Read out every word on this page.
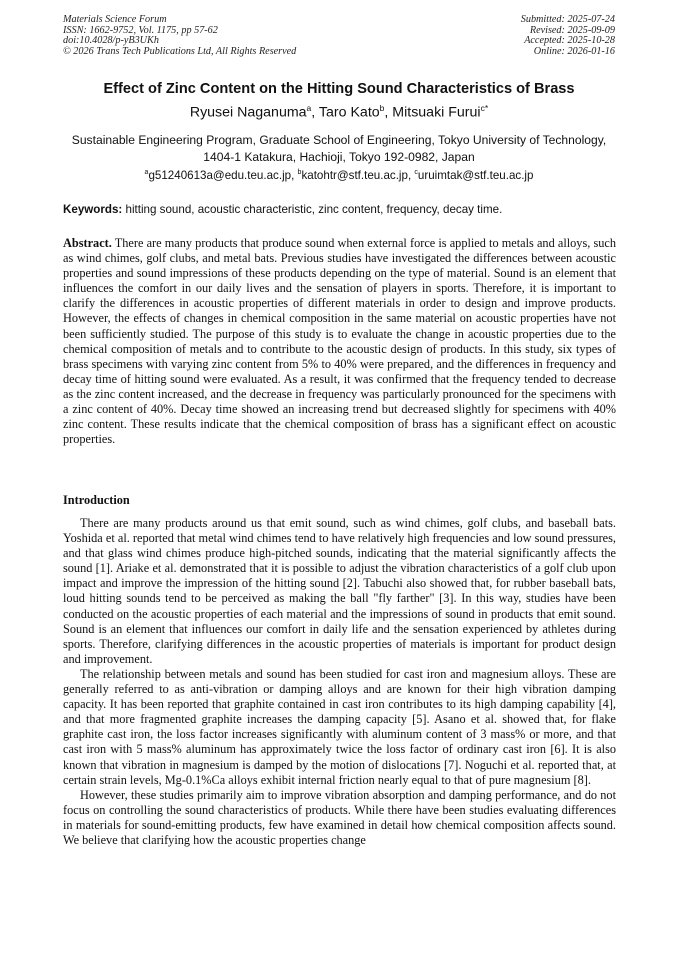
Materials Science Forum
ISSN: 1662-9752, Vol. 1175, pp 57-62
doi:10.4028/p-yB3UKh
© 2026 Trans Tech Publications Ltd, All Rights Reserved
Submitted: 2025-07-24
Revised: 2025-09-09
Accepted: 2025-10-28
Online: 2026-01-16
Effect of Zinc Content on the Hitting Sound Characteristics of Brass
Ryusei Naganuma$^a$, Taro Kato$^b$, Mitsuaki Furui$^{c*}$
Sustainable Engineering Program, Graduate School of Engineering, Tokyo University of Technology,
1404-1 Katakura, Hachioji, Tokyo 192-0982, Japan
$^a$g51240613a@edu.teu.ac.jp, $^b$katohtr@stf.teu.ac.jp, $^c$uruimtak@stf.teu.ac.jp
Keywords: hitting sound, acoustic characteristic, zinc content, frequency, decay time.
Abstract. There are many products that produce sound when external force is applied to metals and alloys, such as wind chimes, golf clubs, and metal bats. Previous studies have investigated the differences between acoustic properties and sound impressions of these products depending on the type of material. Sound is an element that influences the comfort in our daily lives and the sensation of players in sports. Therefore, it is important to clarify the differences in acoustic properties of different materials in order to design and improve products. However, the effects of changes in chemical composition in the same material on acoustic properties have not been sufficiently studied. The purpose of this study is to evaluate the change in acoustic properties due to the chemical composition of metals and to contribute to the acoustic design of products. In this study, six types of brass specimens with varying zinc content from 5% to 40% were prepared, and the differences in frequency and decay time of hitting sound were evaluated. As a result, it was confirmed that the frequency tended to decrease as the zinc content increased, and the decrease in frequency was particularly pronounced for the specimens with a zinc content of 40%. Decay time showed an increasing trend but decreased slightly for specimens with 40% zinc content. These results indicate that the chemical composition of brass has a significant effect on acoustic properties.
Introduction

There are many products around us that emit sound, such as wind chimes, golf clubs, and baseball bats. Yoshida et al. reported that metal wind chimes tend to have relatively high frequencies and low sound pressures, and that glass wind chimes produce high-pitched sounds, indicating that the material significantly affects the sound [1]. Ariake et al. demonstrated that it is possible to adjust the vibration characteristics of a golf club upon impact and improve the impression of the hitting sound [2]. Tabuchi also showed that, for rubber baseball bats, loud hitting sounds tend to be perceived as making the ball "fly farther" [3]. In this way, studies have been conducted on the acoustic properties of each material and the impressions of sound in products that emit sound. Sound is an element that influences our comfort in daily life and the sensation experienced by athletes during sports. Therefore, clarifying differences in the acoustic properties of materials is important for product design and improvement.

The relationship between metals and sound has been studied for cast iron and magnesium alloys. These are generally referred to as anti-vibration or damping alloys and are known for their high vibration damping capacity. It has been reported that graphite contained in cast iron contributes to its high damping capability [4], and that more fragmented graphite increases the damping capacity [5]. Asano et al. showed that, for flake graphite cast iron, the loss factor increases significantly with aluminum content of 3 mass% or more, and that cast iron with 5 mass% aluminum has approximately twice the loss factor of ordinary cast iron [6]. It is also known that vibration in magnesium is damped by the motion of dislocations [7]. Noguchi et al. reported that, at certain strain levels, Mg-0.1%Ca alloys exhibit internal friction nearly equal to that of pure magnesium [8].

However, these studies primarily aim to improve vibration absorption and damping performance, and do not focus on controlling the sound characteristics of products. While there have been studies evaluating differences in materials for sound-emitting products, few have examined in detail how chemical composition affects sound. We believe that clarifying how the acoustic properties change
